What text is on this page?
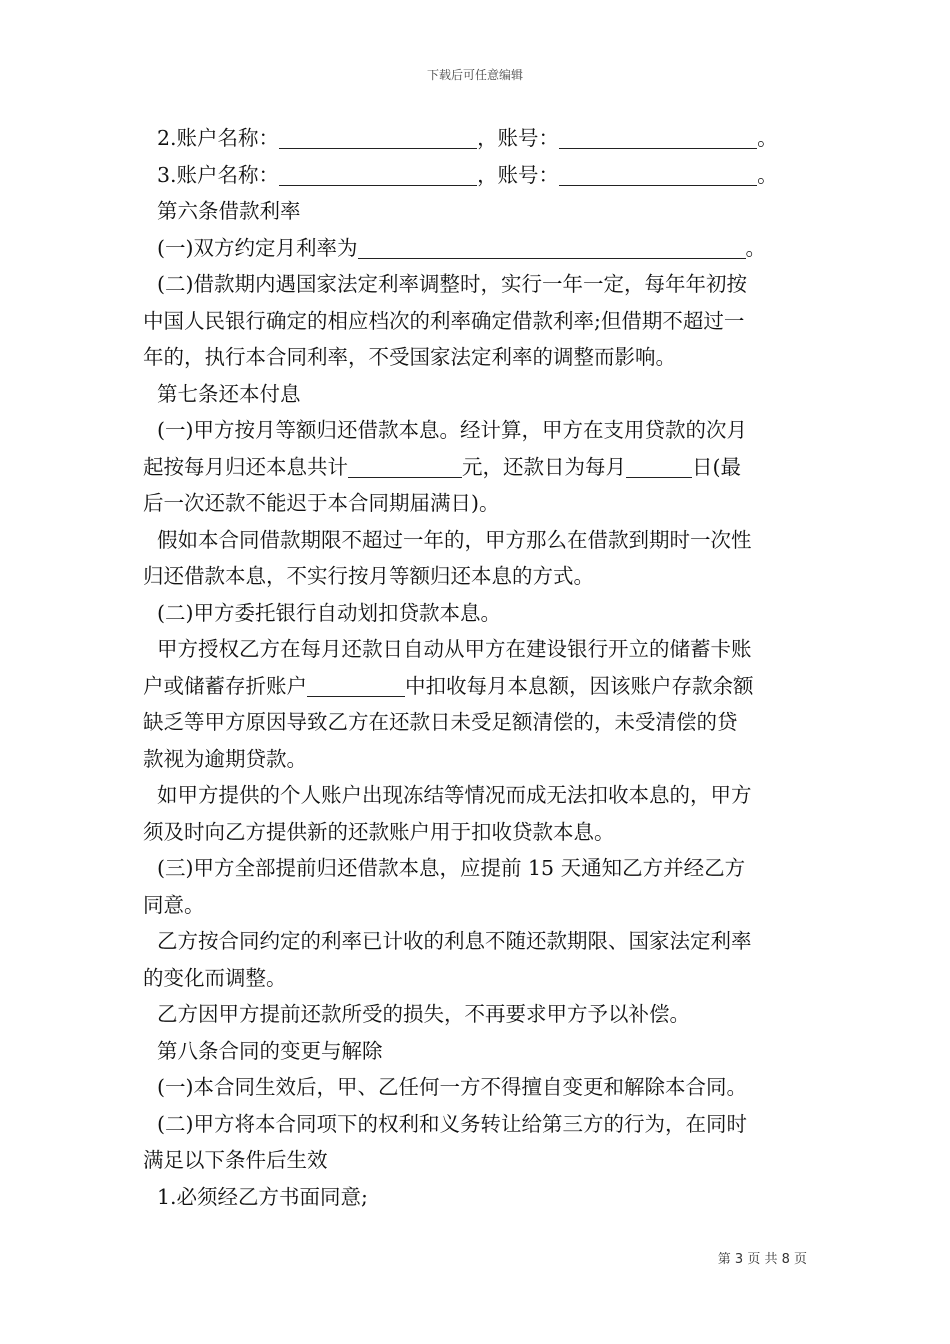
下载后可任意编辑
2.账户名称：	，账号：	。
3.账户名称：	，账号：	。
第六条借款利率
(一)双方约定月利率为	。
(二)借款期内遇国家法定利率调整时，实行一年一定，每年年初按
中国人民银行确定的相应档次的利率确定借款利率;但借期不超过一
年的，执行本合同利率，不受国家法定利率的调整而影响。
第七条还本付息
(一)甲方按月等额归还借款本息。经计算，甲方在支用贷款的次月
起按每月归还本息共计	元，还款日为每月	日(最
后一次还款不能迟于本合同期届满日)。
假如本合同借款期限不超过一年的，甲方那么在借款到期时一次性
归还借款本息，不实行按月等额归还本息的方式。
(二)甲方委托银行自动划扣贷款本息。
甲方授权乙方在每月还款日自动从甲方在建设银行开立的储蓄卡账
户或储蓄存折账户	中扣收每月本息额，因该账户存款余额
缺乏等甲方原因导致乙方在还款日未受足额清偿的，未受清偿的贷
款视为逾期贷款。
如甲方提供的个人账户出现冻结等情况而成无法扣收本息的，甲方
须及时向乙方提供新的还款账户用于扣收贷款本息。
(三)甲方全部提前归还借款本息，应提前 15 天通知乙方并经乙方
同意。
乙方按合同约定的利率已计收的利息不随还款期限、国家法定利率
的变化而调整。
乙方因甲方提前还款所受的损失，不再要求甲方予以补偿。
第八条合同的变更与解除
(一)本合同生效后，甲、乙任何一方不得擅自变更和解除本合同。
(二)甲方将本合同项下的权利和义务转让给第三方的行为，在同时
满足以下条件后生效
1.必须经乙方书面同意;
第 3 页 共 8 页
